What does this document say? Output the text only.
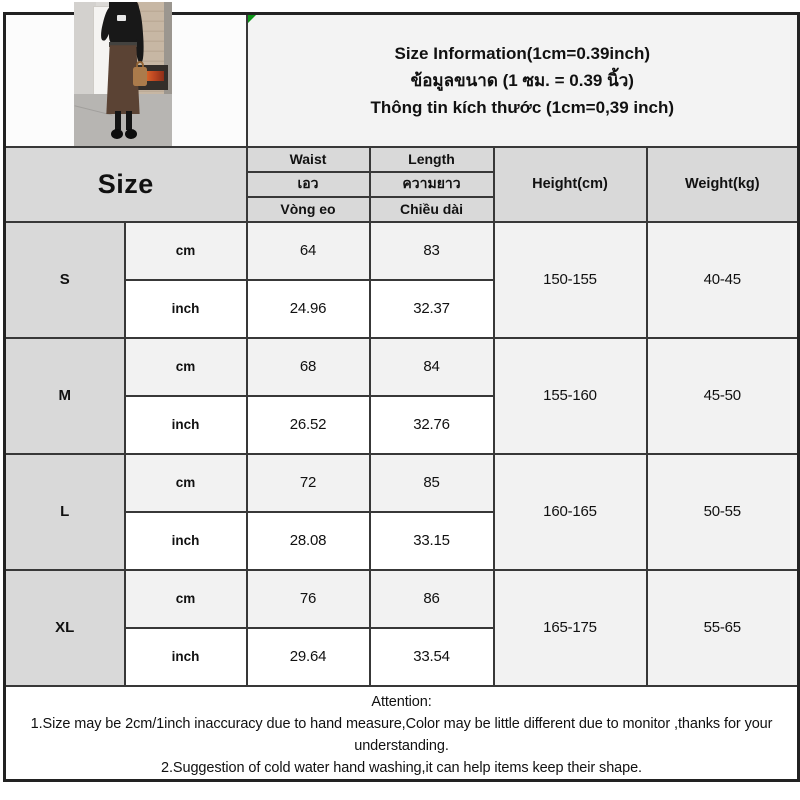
		Size Information(1cm=0.39inch)
ข้อมูลขนาด (1 ซม. = 0.39 นิ้ว)
Thông tin kích thước (1cm=0,39 inch)			

Size		Waist	Length	Height(cm)	Weight(kg)
		เอว	ความยาว		
		Vòng eo	Chiều dài		
S	cm	64	83	150-155	40-45
	inch	24.96	32.37		
M	cm	68	84	155-160	45-50
	inch	26.52	32.76		
L	cm	72	85	160-165	50-55
	inch	28.08	33.15		
XL	cm	76	86	165-175	55-65
	inch	29.64	33.54		

Attention:
1.Size may be 2cm/1inch inaccuracy due to hand measure,Color may be little different due to monitor ,thanks for your understanding.
2.Suggestion of cold water hand washing,it can help items keep their shape.					
